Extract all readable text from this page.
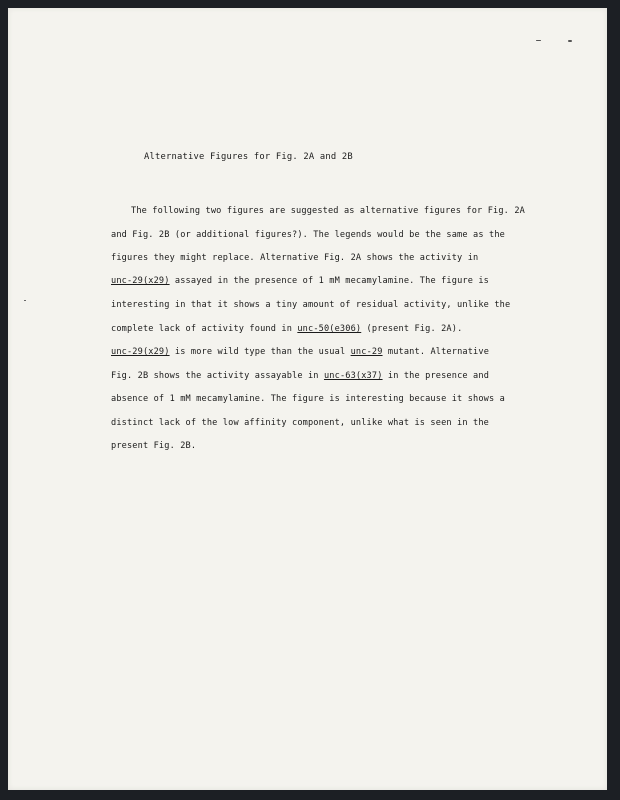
Alternative Figures for Fig. 2A and 2B
The following two figures are suggested as alternative figures for Fig. 2A
and Fig. 2B (or additional figures?). The legends would be the same as the
figures they might replace. Alternative Fig. 2A shows the activity in
unc-29(x29) assayed in the presence of 1 mM mecamylamine. The figure is
interesting in that it shows a tiny amount of residual activity, unlike the
complete lack of activity found in unc-50(e306) (present Fig. 2A).
unc-29(x29) is more wild type than the usual unc-29 mutant. Alternative
Fig. 2B shows the activity assayable in unc-63(x37) in the presence and
absence of 1 mM mecamylamine. The figure is interesting because it shows a
distinct lack of the low affinity component, unlike what is seen in the
present Fig. 2B.
